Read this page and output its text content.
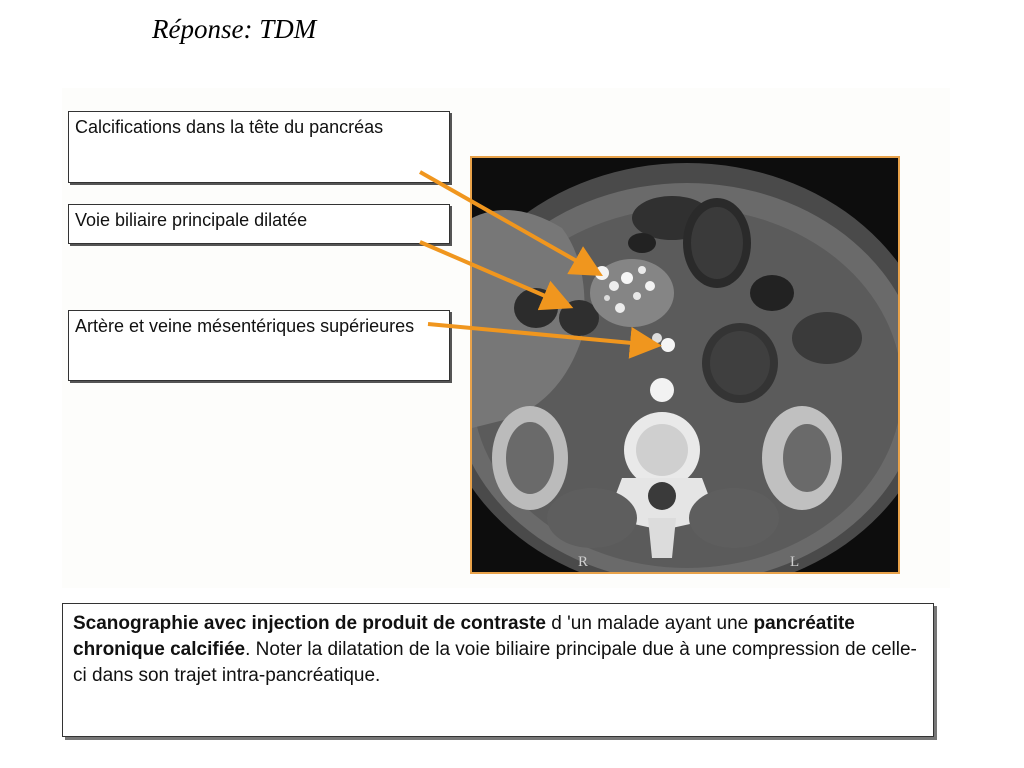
Réponse: TDM
Calcifications dans la tête du pancréas
Voie biliaire principale dilatée
Artère et veine mésentériques supérieures
R	L
Scanographie avec injection de produit de contraste d 'un malade ayant une pancréatite chronique calcifiée. Noter la dilatation de la voie biliaire principale due à une compression de celle-ci dans son trajet intra-pancréatique.
